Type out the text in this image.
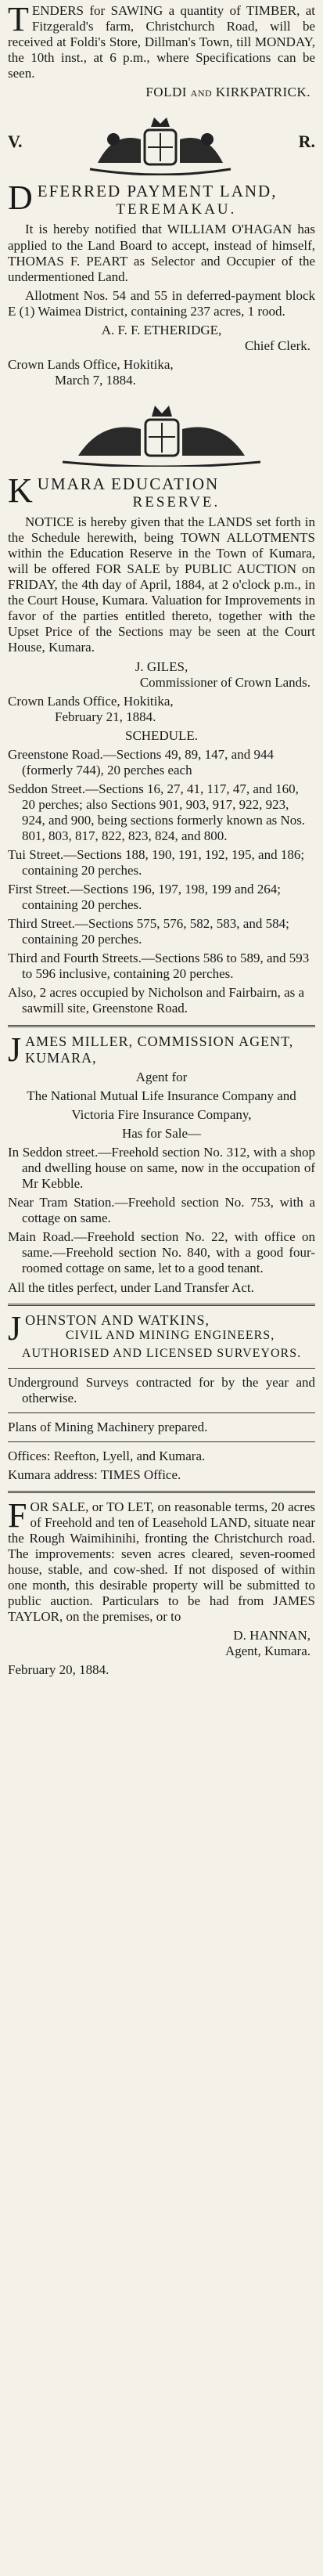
T ENDERS for SAWING a quantity of TIMBER, at Fitzgerald's farm, Christchurch Road, will be received at Foldi's Store, Dillman's Town, till MONDAY, the 10th inst., at 6 p.m., where Specifications can be seen.

FOLDI and KIRKPATRICK.

V.	R.

D EFERRED PAYMENT LAND,

TEREMAKAU.

It is hereby notified that WILLIAM O'HAGAN has applied to the Land Board to accept, instead of himself, THOMAS F. PEART as Selector and Occupier of the undermentioned Land.

Allotment Nos. 54 and 55 in deferred-payment block E (1) Waimea District, containing 237 acres, 1 rood.

A. F. F. ETHERIDGE,

Chief Clerk.

Crown Lands Office, Hokitika,

March 7, 1884.

K UMARA EDUCATION

RESERVE.

NOTICE is hereby given that the LANDS set forth in the Schedule herewith, being TOWN ALLOTMENTS within the Education Reserve in the Town of Kumara, will be offered FOR SALE by PUBLIC AUCTION on FRIDAY, the 4th day of April, 1884, at 2 o'clock p.m., in the Court House, Kumara. Valuation for Improvements in favor of the parties entitled thereto, together with the Upset Price of the Sections may be seen at the Court House, Kumara.

J. GILES,

Commissioner of Crown Lands.

Crown Lands Office, Hokitika,

February 21, 1884.

SCHEDULE.

Greenstone Road.—Sections 49, 89, 147, and 944 (formerly 744), 20 perches each

Seddon Street.—Sections 16, 27, 41, 117, 47, and 160, 20 perches; also Sections 901, 903, 917, 922, 923, 924, and 900, being sections formerly known as Nos. 801, 803, 817, 822, 823, 824, and 800.

Tui Street.—Sections 188, 190, 191, 192, 195, and 186; containing 20 perches.

First Street.—Sections 196, 197, 198, 199 and 264; containing 20 perches.

Third Street.—Sections 575, 576, 582, 583, and 584; containing 20 perches.

Third and Fourth Streets.—Sections 586 to 589, and 593 to 596 inclusive, containing 20 perches.

Also, 2 acres occupied by Nicholson and Fairbairn, as a sawmill site, Greenstone Road.

J AMES MILLER, COMMISSION AGENT, KUMARA,

Agent for

The National Mutual Life Insurance Company and

Victoria Fire Insurance Company,

Has for Sale—

In Seddon street.—Freehold section No. 312, with a shop and dwelling house on same, now in the occupation of Mr Kebble.

Near Tram Station.—Freehold section No. 753, with a cottage on same.

Main Road.—Freehold section No. 22, with office on same.—Freehold section No. 840, with a good four-roomed cottage on same, let to a good tenant.

All the titles perfect, under Land Transfer Act.

J OHNSTON AND WATKINS,

CIVIL AND MINING ENGINEERS,

AUTHORISED AND LICENSED SURVEYORS.

Underground Surveys contracted for by the year and otherwise.

Plans of Mining Machinery prepared.

Offices: Reefton, Lyell, and Kumara.

Kumara address: TIMES Office.

F OR SALE, or TO LET, on reasonable terms, 20 acres of Freehold and ten of Leasehold LAND, situate near the Rough Waimihinihi, fronting the Christchurch road. The improvements: seven acres cleared, seven-roomed house, stable, and cow-shed. If not disposed of within one month, this desirable property will be submitted to public auction. Particulars to be had from JAMES TAYLOR, on the premises, or to

D. HANNAN,

Agent, Kumara.

February 20, 1884.
